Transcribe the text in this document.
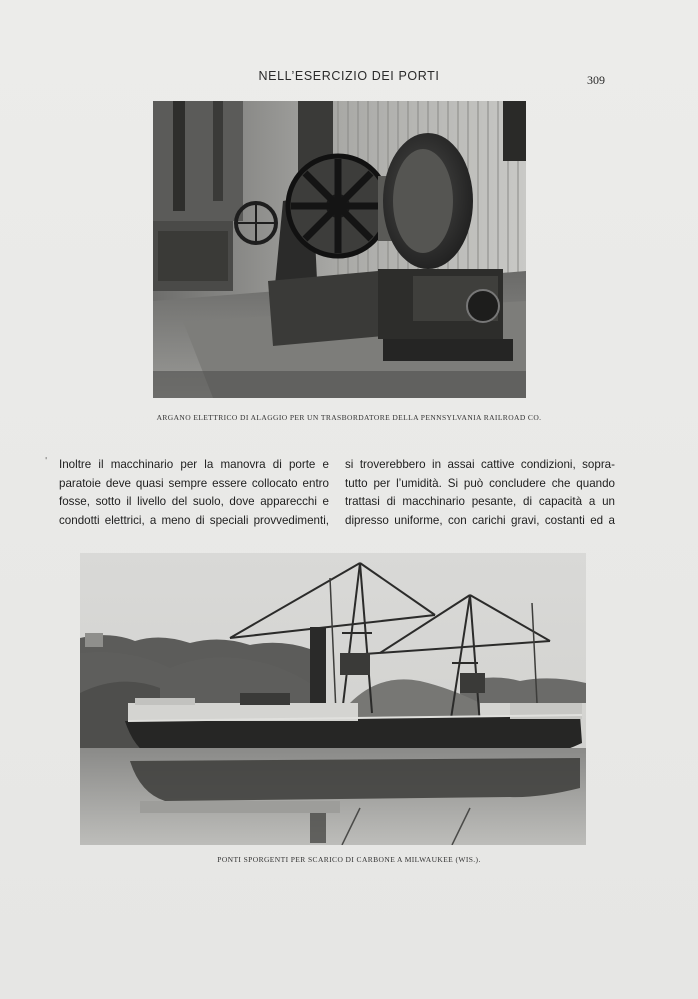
NELL’ESERCIZIO DEI PORTI	309
ARGANO ELETTRICO DI ALAGGIO PER UN TRASBORDATORE DELLA PENNSYLVANIA RAILROAD CO.
' Inoltre il macchinario per la manovra di porte e
paratoie deve quasi sempre essere collocato entro
fosse, sotto il livello del suolo, dove apparecchi e
condotti elettrici, a meno di speciali provvedimenti,
si troverebbero in assai cattive condizioni, sopra-
tutto per l’umidità. Si può concludere che quando
trattasi di macchinario pesante, di capacità a un
dipresso uniforme, con carichi gravi, costanti ed a
PONTI SPORGENTI PER SCARICO DI CARBONE A MILWAUKEE (WIS.).
